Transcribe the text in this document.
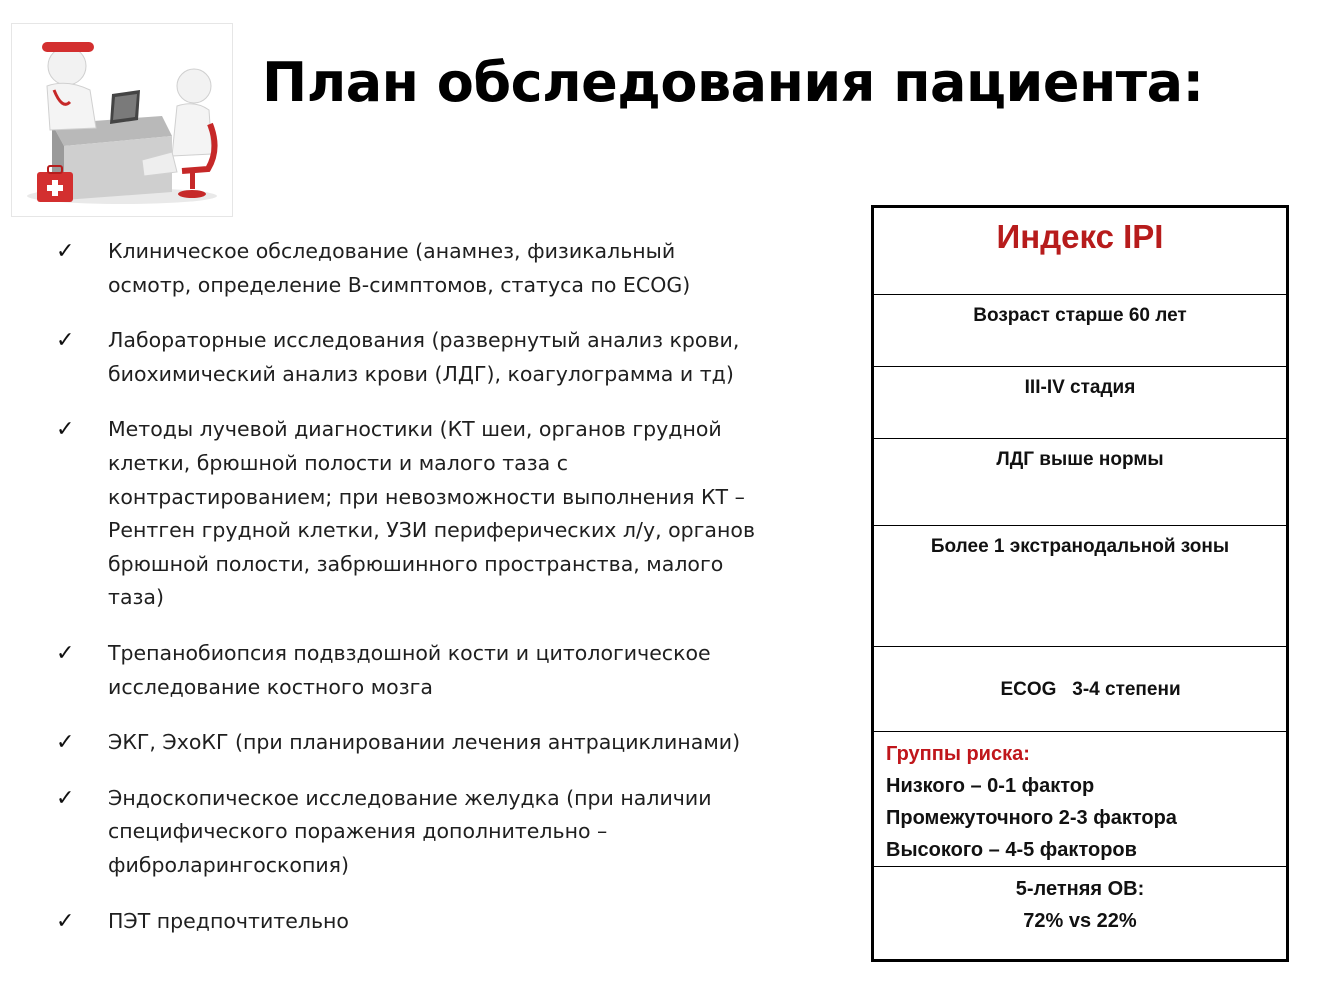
План обследования пациента:
✓	Клиническое обследование (анамнез, физикальный
осмотр, определение В-симптомов, статуса по ECOG)
✓	Лабораторные исследования (развернутый анализ крови,
биохимический анализ крови (ЛДГ), коагулограмма и тд)
✓	Методы лучевой диагностики (КТ шеи, органов грудной
клетки, брюшной полости и малого таза с
контрастированием; при невозможности выполнения КТ –
Рентген грудной клетки, УЗИ периферических л/у, органов
брюшной полости, забрюшинного пространства, малого
таза)
✓	Трепанобиопсия подвздошной кости и цитологическое
исследование костного мозга
✓	ЭКГ, ЭхоКГ (при планировании лечения антрациклинами)
✓	Эндоскопическое исследование желудка (при наличии
специфического поражения дополнительно –
фиброларингоскопия)
✓	ПЭТ предпочтительно
Индекс IPI
Возраст старше 60 лет
III-IV стадия
ЛДГ выше нормы
Более 1 экстранодальной зоны

ECOG   3-4 степени

Группы риска:
Низкого – 0-1 фактор
Промежуточного 2-3 фактора
Высокого – 4-5 факторов
5-летняя ОВ:
72% vs 22%
